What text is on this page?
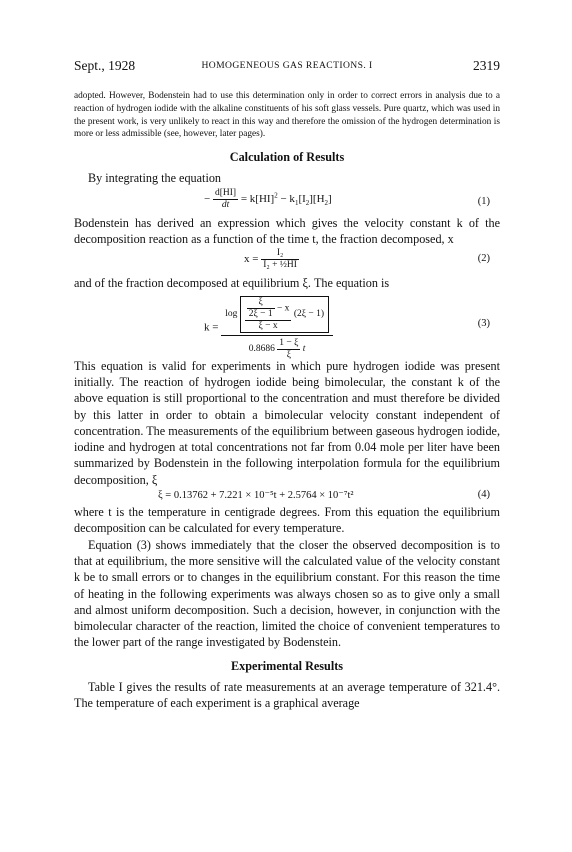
Sept., 1928	HOMOGENEOUS GAS REACTIONS. I	2319

adopted. However, Bodenstein had to use this determination only in order to correct errors in analysis due to a reaction of hydrogen iodide with the alkaline constituents of his soft glass vessels. Pure quartz, which was used in the present work, is very unlikely to react in this way and therefore the omission of the hydrogen determination is more or less admissible (see, however, later pages).

Calculation of Results

By integrating the equation

− $\frac{d[HI]}{dt} = k[HI]^2 - k_1[I_2][H_2]$	(1)

Bodenstein has derived an expression which gives the velocity constant k of the decomposition reaction as a function of the time t, the fraction decomposed, x

$x = \frac{\text{I₂}}{\text{I₂ + ½HI}}$	(2)

and of the fraction decomposed at equilibrium ξ. The equation is

k =
$\log \frac{\xi}{2\xi - 1} - x$
ξ − x
(2ξ − 1)
$0.8686 \frac{1 - \xi}{\xi}$ t
(3)

This equation is valid for experiments in which pure hydrogen iodide was present initially. The reaction of hydrogen iodide being bimolecular, the constant k of the above equation is still proportional to the concentration and must therefore be divided by this latter in order to obtain a bimolecular velocity constant independent of concentration. The measurements of the equilibrium between gaseous hydrogen iodide, iodine and hydrogen at total concentrations not far from 0.04 mole per liter have been summarized by Bodenstein in the following interpolation formula for the equilibrium decomposition, ξ

ξ = 0.13762 + 7.221 × 10⁻⁵t + 2.5764 × 10⁻⁷t²	(4)

where t is the temperature in centigrade degrees. From this equation the equilibrium decomposition can be calculated for every temperature.

Equation (3) shows immediately that the closer the observed decomposition is to that at equilibrium, the more sensitive will the calculated value of the velocity constant k be to small errors or to changes in the equilibrium constant. For this reason the time of heating in the following experiments was always chosen so as to give only a small and almost uniform decomposition. Such a decision, however, in conjunction with the bimolecular character of the reaction, limited the choice of convenient temperatures to the lower part of the range investigated by Bodenstein.

Experimental Results

Table I gives the results of rate measurements at an average temperature of 321.4°. The temperature of each experiment is a graphical average
